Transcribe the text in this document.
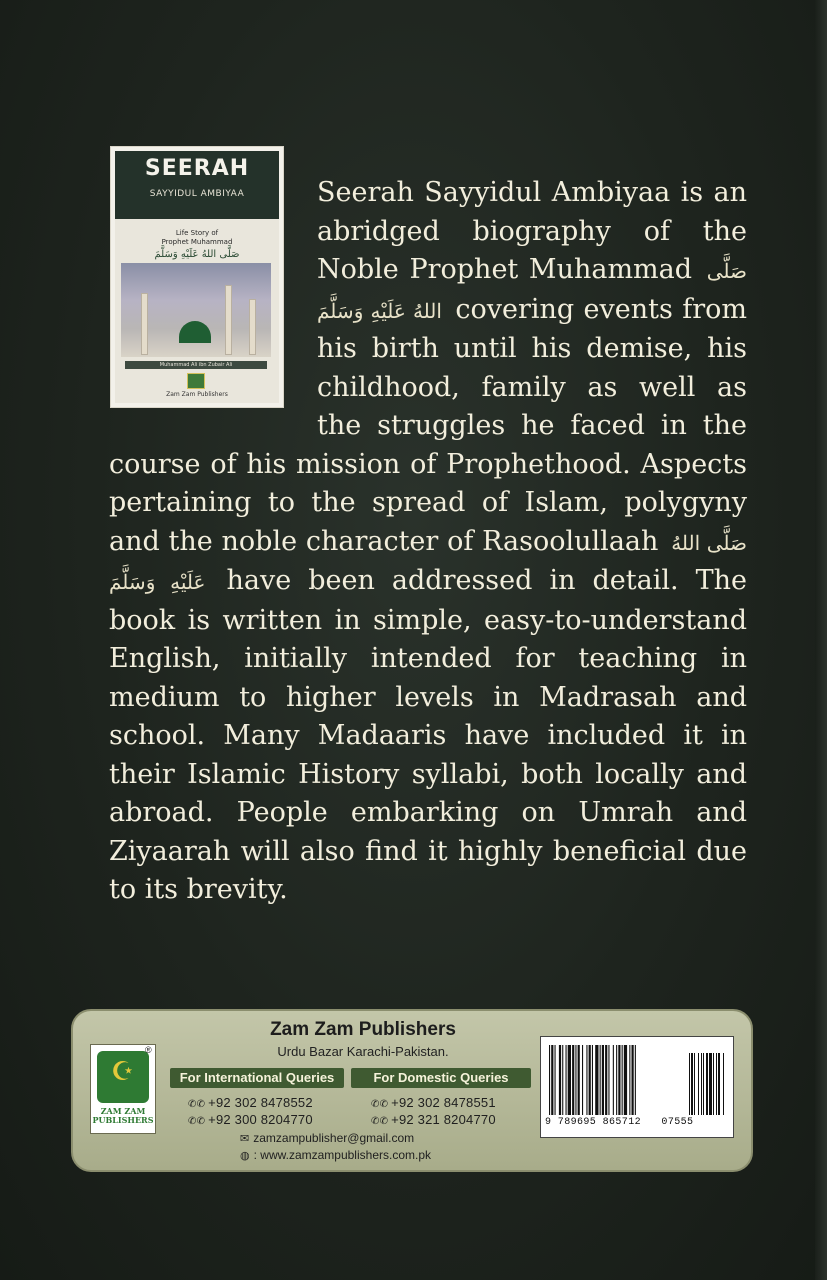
SEERAH
SAYYIDUL AMBIYAA
Life Story of
Prophet Muhammad
صَلَّى اللهُ عَلَيْهِ وَسَلَّمَ
Muhammad Ali ibn Zubair Ali
Zam Zam Publishers
Seerah Sayyidul Ambiyaa is an abridged biography of the Noble Prophet Muhammad صَلَّى اللهُ عَلَيْهِ وَسَلَّمَ covering events from his birth until his demise, his childhood, family as well as the struggles he faced in the course of his mission of Prophethood. Aspects pertaining to the spread of Islam, polygyny and the noble character of Rasoolullaah صَلَّى اللهُ عَلَيْهِ وَسَلَّمَ have been addressed in detail. The book is written in simple, easy-to-understand English, initially intended for teaching in medium to higher levels in Madrasah and school. Many Madaaris have included it in their Islamic History syllabi, both locally and abroad. People embarking on Umrah and Ziyaarah will also find it highly beneficial due to its brevity.
Zam Zam Publishers
Urdu Bazar Karachi-Pakistan.
☪
ZAM ZAM
PUBLISHERS
®
For International Queries	For Domestic Queries
✆✆ +92 302 8478552
✆✆ +92 300 8204770
✆✆ +92 302 8478551
✆✆ +92 321 8204770
✉ zamzampublisher@gmail.com
◍ : www.zamzampublishers.com.pk
9 789695 865712 07555
